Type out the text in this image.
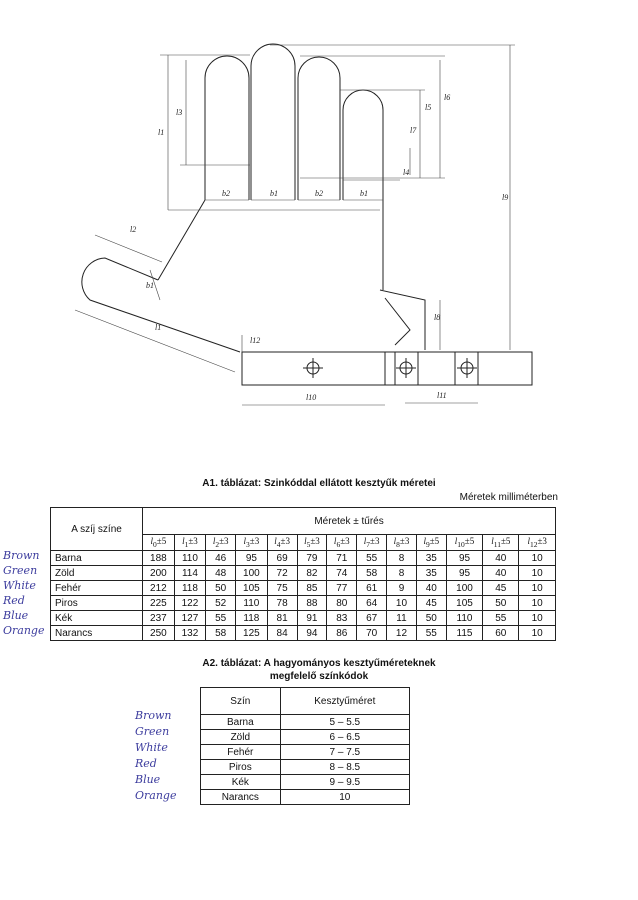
l1
l2
l3
l4
l5
l6
l7
l8
l9
l10	l11
l12
l1
b1
b2	b2	b1
b1
A1. táblázat: Szinkóddal ellátott kesztyűk méretei
Méretek milliméterben
A szíj színe	Méretek ± tűrés												
	$l_0\pm 5$	$l_1\pm 3$	$l_2\pm 3$	$l_3\pm 3$	$l_4\pm 3$	$l_5\pm 3$	$l_6\pm 3$	$l_7\pm 3$	$l_8\pm 3$	$l_9\pm 5$	$l_{10}\pm 5$	$l_{11}\pm 5$	$l_{12}\pm 3$
Barna	188	110	46	95	69	79	71	55	8	35	95	40	10
Zöld	200	114	48	100	72	82	74	58	8	35	95	40	10
Fehér	212	118	50	105	75	85	77	61	9	40	100	45	10
Piros	225	122	52	110	78	88	80	64	10	45	105	50	10
Kék	237	127	55	118	81	91	83	67	11	50	110	55	10
Narancs	250	132	58	125	84	94	86	70	12	55	115	60	10
A2. táblázat: A hagyományos kesztyűméreteknek
megfelelő színkódok
Szín	Kesztyűméret
Barna	5 – 5.5
Zöld	6 – 6.5
Fehér	7 – 7.5
Piros	8 – 8.5
Kék	9 – 9.5
Narancs	10
Brown
Green
White
Red
Blue
Orange
Brown
Green
White
Red
Blue
Orange
